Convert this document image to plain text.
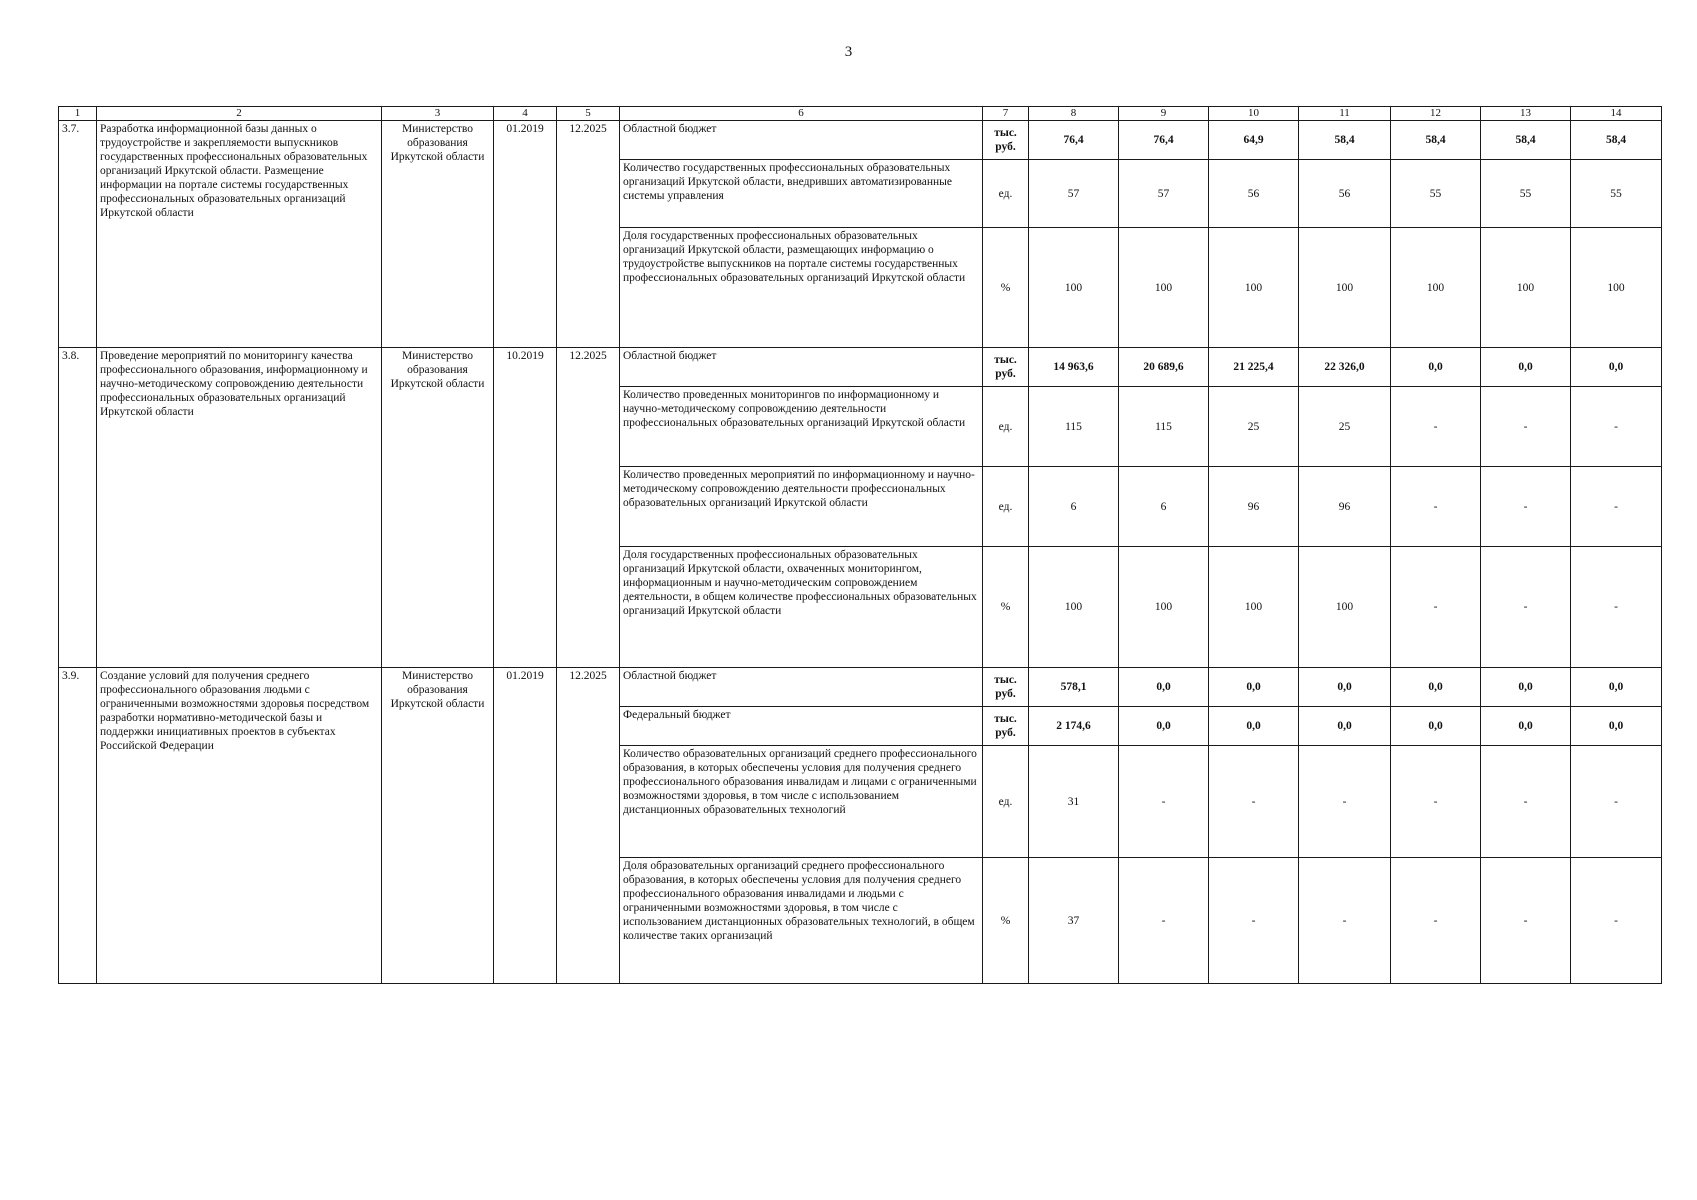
3
1	2	3	4	5	6	7	8	9	10	11	12	13	14
3.7.	Разработка информационной базы данных о трудоустройстве и закрепляемости выпускников государственных профессиональных образовательных организаций Иркутской области. Размещение информации на портале системы государственных профессиональных образовательных организаций Иркутской области	Министерство образования Иркутской области	01.2019	12.2025	Областной бюджет	тыс. руб.	76,4	76,4	64,9	58,4	58,4	58,4	58,4
					Количество государственных профессиональных образовательных организаций Иркутской области, внедривших автоматизированные системы управления	ед.	57	57	56	56	55	55	55
					Доля государственных профессиональных образовательных организаций Иркутской области, размещающих информацию о трудоустройстве выпускников на портале системы государственных профессиональных образовательных организаций Иркутской области	%	100	100	100	100	100	100	100
3.8.	Проведение мероприятий по мониторингу качества профессионального образования, информационному и научно-методическому сопровождению деятельности профессиональных образовательных организаций Иркутской области	Министерство образования Иркутской области	10.2019	12.2025	Областной бюджет	тыс. руб.	14 963,6	20 689,6	21 225,4	22 326,0	0,0	0,0	0,0
					Количество проведенных мониторингов по информационному и научно-методическому сопровождению деятельности профессиональных образовательных организаций Иркутской области	ед.	115	115	25	25	-	-	-
					Количество проведенных мероприятий по информационному и научно-методическому сопровождению деятельности профессиональных образовательных организаций Иркутской области	ед.	6	6	96	96	-	-	-
					Доля государственных профессиональных образовательных организаций Иркутской области, охваченных мониторингом, информационным и научно-методическим сопровождением деятельности, в общем количестве профессиональных образовательных организаций Иркутской области	%	100	100	100	100	-	-	-
3.9.	Создание условий для получения среднего профессионального образования людьми с ограниченными возможностями здоровья посредством разработки нормативно-методической базы и поддержки инициативных проектов в субъектах Российской Федерации	Министерство образования Иркутской области	01.2019	12.2025	Областной бюджет	тыс. руб.	578,1	0,0	0,0	0,0	0,0	0,0	0,0
					Федеральный бюджет	тыс. руб.	2 174,6	0,0	0,0	0,0	0,0	0,0	0,0
					Количество образовательных организаций среднего профессионального образования, в которых обеспечены условия для получения среднего профессионального образования инвалидам и лицами с ограниченными возможностями здоровья, в том числе с использованием дистанционных образовательных технологий	ед.	31	-	-	-	-	-	-
					Доля образовательных организаций среднего профессионального образования, в которых обеспечены условия для получения среднего профессионального образования инвалидами и людьми с ограниченными возможностями здоровья, в том числе с использованием дистанционных образовательных технологий, в общем количестве таких организаций	%	37	-	-	-	-	-	-
